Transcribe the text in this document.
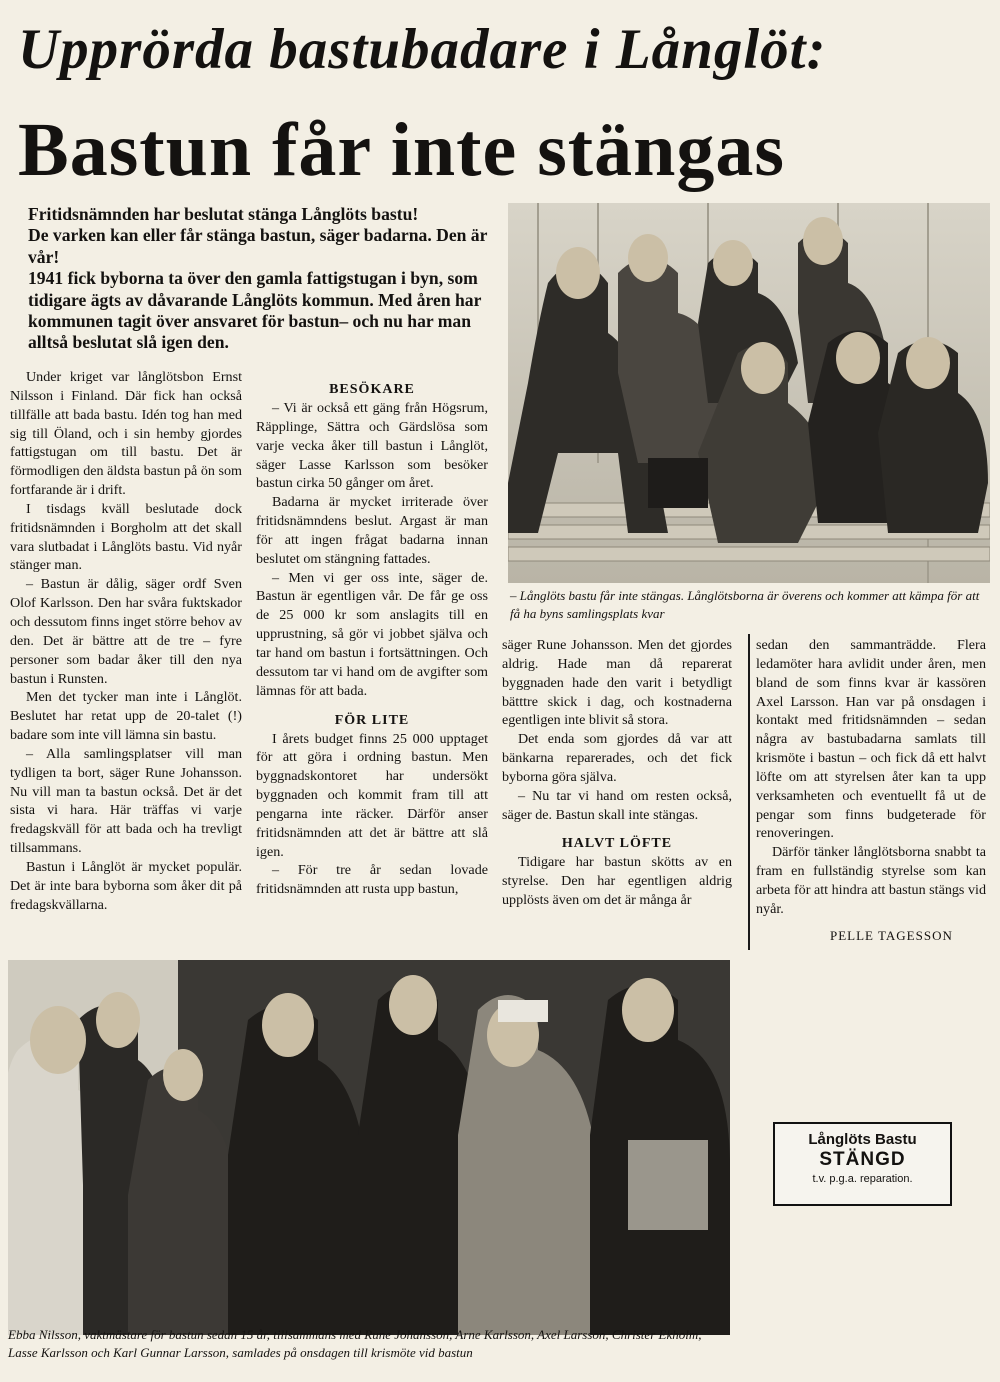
Upprörda bastubadare i Långlöt:
Bastun får inte stängas

Fritidsnämnden har beslutat stänga Långlöts bastu!

De varken kan eller får stänga bastun, säger badarna. Den är vår!

1941 fick byborna ta över den gamla fattigstugan i byn, som tidigare ägts av dåvarande Långlöts kommun. Med åren har kommunen tagit över ansvaret för bastun– och nu har man alltså beslutat slå igen den.

– Långlöts bastu får inte stängas. Långlötsborna är överens och kommer att kämpa för att få ha byns samlingsplats kvar

Under kriget var långlötsbon Ernst Nilsson i Finland. Där fick han också tillfälle att bada bastu. Idén tog han med sig till Öland, och i sin hemby gjordes fattigstugan om till bastu. Det är förmodligen den äldsta bastun på ön som fortfarande är i drift.

I tisdags kväll beslutade dock fritidsnämnden i Borgholm att det skall vara slutbadat i Långlöts bastu. Vid nyår stänger man.

– Bastun är dålig, säger ordf Sven Olof Karlsson. Den har svåra fuktskador och dessutom finns inget större behov av den. Det är bättre att de tre – fyre personer som badar åker till den nya bastun i Runsten.

Men det tycker man inte i Långlöt. Beslutet har retat upp de 20-talet (!) badare som inte vill lämna sin bastu.

– Alla samlingsplatser vill man tydligen ta bort, säger Rune Johansson. Nu vill man ta bastun också. Det är det sista vi hara. Här träffas vi varje fredagskväll för att bada och ha trevligt tillsammans.

Bastun i Långlöt är mycket populär. Det är inte bara byborna som åker dit på fredagskvällarna.

BESÖKARE

– Vi är också ett gäng från Högsrum, Räpplinge, Sättra och Gärdslösa som varje vecka åker till bastun i Långlöt, säger Lasse Karlsson som besöker bastun cirka 50 gånger om året.

Badarna är mycket irriterade över fritidsnämndens beslut. Argast är man för att ingen frågat badarna innan beslutet om stängning fattades.

– Men vi ger oss inte, säger de. Bastun är egentligen vår. De får ge oss de 25 000 kr som anslagits till en upprustning, så gör vi jobbet själva och tar hand om bastun i fortsättningen. Och dessutom tar vi hand om de avgifter som lämnas för att bada.

FÖR LITE

I årets budget finns 25 000 upptaget för att göra i ordning bastun. Men byggnadskontoret har undersökt byggnaden och kommit fram till att pengarna inte räcker. Därför anser fritidsnämnden att det är bättre att slå igen.

– För tre år sedan lovade fritidsnämnden att rusta upp bastun,

säger Rune Johansson. Men det gjordes aldrig. Hade man då reparerat byggnaden hade den varit i betydligt bätttre skick i dag, och kostnaderna egentligen inte blivit så stora.

Det enda som gjordes då var att bänkarna reparerades, och det fick byborna göra själva.

– Nu tar vi hand om resten också, säger de. Bastun skall inte stängas.

HALVT LÖFTE

Tidigare har bastun skötts av en styrelse. Den har egentligen aldrig upplösts även om det är många år

sedan den sammanträdde. Flera ledamöter hara avlidit under åren, men bland de som finns kvar är kassören Axel Larsson. Han var på onsdagen i kontakt med fritidsnämnden – sedan några av bastubadarna samlats till krismöte i bastun – och fick då ett halvt löfte om att styrelsen åter kan ta upp verksamheten och eventuellt få ut de pengar som finns budgeterade för renoveringen.

Därför tänker långlötsborna snabbt ta fram en fullständig styrelse som kan arbeta för att hindra att bastun stängs vid nyår.

PELLE TAGESSON
Ebba Nilsson, vaktmästare för bastun sedan 15 år, tillsammans med Rune Johansson, Arne Karlsson, Axel Larsson, Christer Ekholm, Lasse Karlsson och Karl Gunnar Larsson, samlades på onsdagen till krismöte vid bastun
Långlöts Bastu
STÄNGD
t.v. p.g.a. reparation.
